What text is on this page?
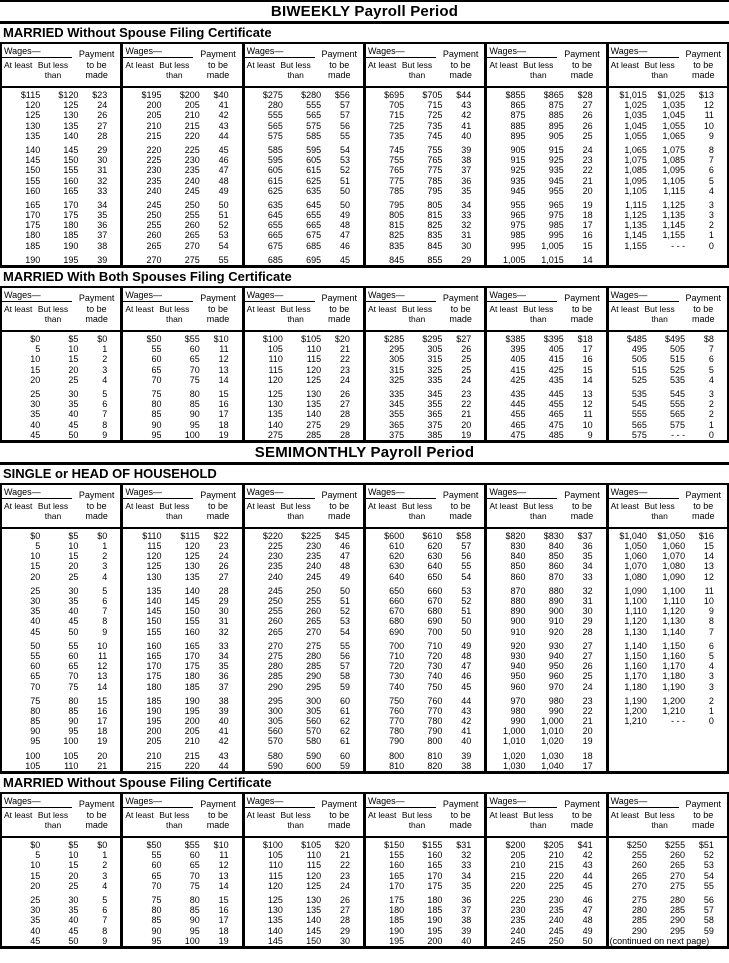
BIWEEKLY Payroll Period
MARRIED Without Spouse Filing Certificate
Wages—
At least But less than
Payment to be made
$115	$120	$23
120	125	24
125	130	26
130	135	27
135	140	28
140	145	29
145	150	30
150	155	31
155	160	32
160	165	33
165	170	34
170	175	35
175	180	36
180	185	37
185	190	38
190	195	39
Wages—
At least But less than
Payment to be made
$195	$200	$40
200	205	41
205	210	42
210	215	43
215	220	44
220	225	45
225	230	46
230	235	47
235	240	48
240	245	49
245	250	50
250	255	51
255	260	52
260	265	53
265	270	54
270	275	55
Wages—
At least But less than
Payment to be made
$275	$280	$56
280	555	57
555	565	57
565	575	56
575	585	55
585	595	54
595	605	53
605	615	52
615	625	51
625	635	50
635	645	50
645	655	49
655	665	48
665	675	47
675	685	46
685	695	45
Wages—
At least But less than
Payment to be made
$695	$705	$44
705	715	43
715	725	42
725	735	41
735	745	40
745	755	39
755	765	38
765	775	37
775	785	36
785	795	35
795	805	34
805	815	33
815	825	32
825	835	31
835	845	30
845	855	29
Wages—
At least But less than
Payment to be made
$855	$865	$28
865	875	27
875	885	26
885	895	26
895	905	25
905	915	24
915	925	23
925	935	22
935	945	21
945	955	20
955	965	19
965	975	18
975	985	17
985	995	16
995	1,005	15
1,005	1,015	14
Wages—
At least But less than
Payment to be made
$1,015	$1,025	$13
1,025	1,035	12
1,035	1,045	11
1,045	1,055	10
1,055	1,065	9
1,065	1,075	8
1,075	1,085	7
1,085	1,095	6
1,095	1,105	5
1,105	1,115	4
1,115	1,125	3
1,125	1,135	3
1,135	1,145	2
1,145	1,155	1
1,155	- - -	0
MARRIED With Both Spouses Filing Certificate
Wages—
At least But less than
Payment to be made
$0	$5	$0
5	10	1
10	15	2
15	20	3
20	25	4
25	30	5
30	35	6
35	40	7
40	45	8
45	50	9
Wages—
At least But less than
Payment to be made
$50	$55	$10
55	60	11
60	65	12
65	70	13
70	75	14
75	80	15
80	85	16
85	90	17
90	95	18
95	100	19
Wages—
At least But less than
Payment to be made
$100	$105	$20
105	110	21
110	115	22
115	120	23
120	125	24
125	130	26
130	135	27
135	140	28
140	275	29
275	285	28
Wages—
At least But less than
Payment to be made
$285	$295	$27
295	305	26
305	315	25
315	325	25
325	335	24
335	345	23
345	355	22
355	365	21
365	375	20
375	385	19
Wages—
At least But less than
Payment to be made
$385	$395	$18
395	405	17
405	415	16
415	425	15
425	435	14
435	445	13
445	455	12
455	465	11
465	475	10
475	485	9
Wages—
At least But less than
Payment to be made
$485	$495	$8
495	505	7
505	515	6
515	525	5
525	535	4
535	545	3
545	555	2
555	565	2
565	575	1
575	- - -	0
SEMIMONTHLY Payroll Period
SINGLE or HEAD OF HOUSEHOLD
Wages—
At least But less than
Payment to be made
$0	$5	$0
5	10	1
10	15	2
15	20	3
20	25	4
25	30	5
30	35	6
35	40	7
40	45	8
45	50	9
50	55	10
55	60	11
60	65	12
65	70	13
70	75	14
75	80	15
80	85	16
85	90	17
90	95	18
95	100	19
100	105	20
105	110	21
Wages—
At least But less than
Payment to be made
$110	$115	$22
115	120	23
120	125	24
125	130	26
130	135	27
135	140	28
140	145	29
145	150	30
150	155	31
155	160	32
160	165	33
165	170	34
170	175	35
175	180	36
180	185	37
185	190	38
190	195	39
195	200	40
200	205	41
205	210	42
210	215	43
215	220	44
Wages—
At least But less than
Payment to be made
$220	$225	$45
225	230	46
230	235	47
235	240	48
240	245	49
245	250	50
250	255	51
255	260	52
260	265	53
265	270	54
270	275	55
275	280	56
280	285	57
285	290	58
290	295	59
295	300	60
300	305	61
305	560	62
560	570	62
570	580	61
580	590	60
590	600	59
Wages—
At least But less than
Payment to be made
$600	$610	$58
610	620	57
620	630	56
630	640	55
640	650	54
650	660	53
660	670	52
670	680	51
680	690	50
690	700	50
700	710	49
710	720	48
720	730	47
730	740	46
740	750	45
750	760	44
760	770	43
770	780	42
780	790	41
790	800	40
800	810	39
810	820	38
Wages—
At least But less than
Payment to be made
$820	$830	$37
830	840	36
840	850	35
850	860	34
860	870	33
870	880	32
880	890	31
890	900	30
900	910	29
910	920	28
920	930	27
930	940	27
940	950	26
950	960	25
960	970	24
970	980	23
980	990	22
990	1,000	21
1,000	1,010	20
1,010	1,020	19
1,020	1,030	18
1,030	1,040	17
Wages—
At least But less than
Payment to be made
$1,040	$1,050	$16
1,050	1,060	15
1,060	1,070	14
1,070	1,080	13
1,080	1,090	12
1,090	1,100	11
1,100	1,110	10
1,110	1,120	9
1,120	1,130	8
1,130	1,140	7
1,140	1,150	6
1,150	1,160	5
1,160	1,170	4
1,170	1,180	3
1,180	1,190	3
1,190	1,200	2
1,200	1,210	1
1,210	- - -	0
MARRIED Without Spouse Filing Certificate
Wages—
At least But less than
Payment to be made
$0	$5	$0
5	10	1
10	15	2
15	20	3
20	25	4
25	30	5
30	35	6
35	40	7
40	45	8
45	50	9
Wages—
At least But less than
Payment to be made
$50	$55	$10
55	60	11
60	65	12
65	70	13
70	75	14
75	80	15
80	85	16
85	90	17
90	95	18
95	100	19
Wages—
At least But less than
Payment to be made
$100	$105	$20
105	110	21
110	115	22
115	120	23
120	125	24
125	130	26
130	135	27
135	140	28
140	145	29
145	150	30
Wages—
At least But less than
Payment to be made
$150	$155	$31
155	160	32
160	165	33
165	170	34
170	175	35
175	180	36
180	185	37
185	190	38
190	195	39
195	200	40
Wages—
At least But less than
Payment to be made
$200	$205	$41
205	210	42
210	215	43
215	220	44
220	225	45
225	230	46
230	235	47
235	240	48
240	245	49
245	250	50
Wages—
At least But less than
Payment to be made
$250	$255	$51
255	260	52
260	265	53
265	270	54
270	275	55
275	280	56
280	285	57
285	290	58
290	295	59
(continued on next page)
